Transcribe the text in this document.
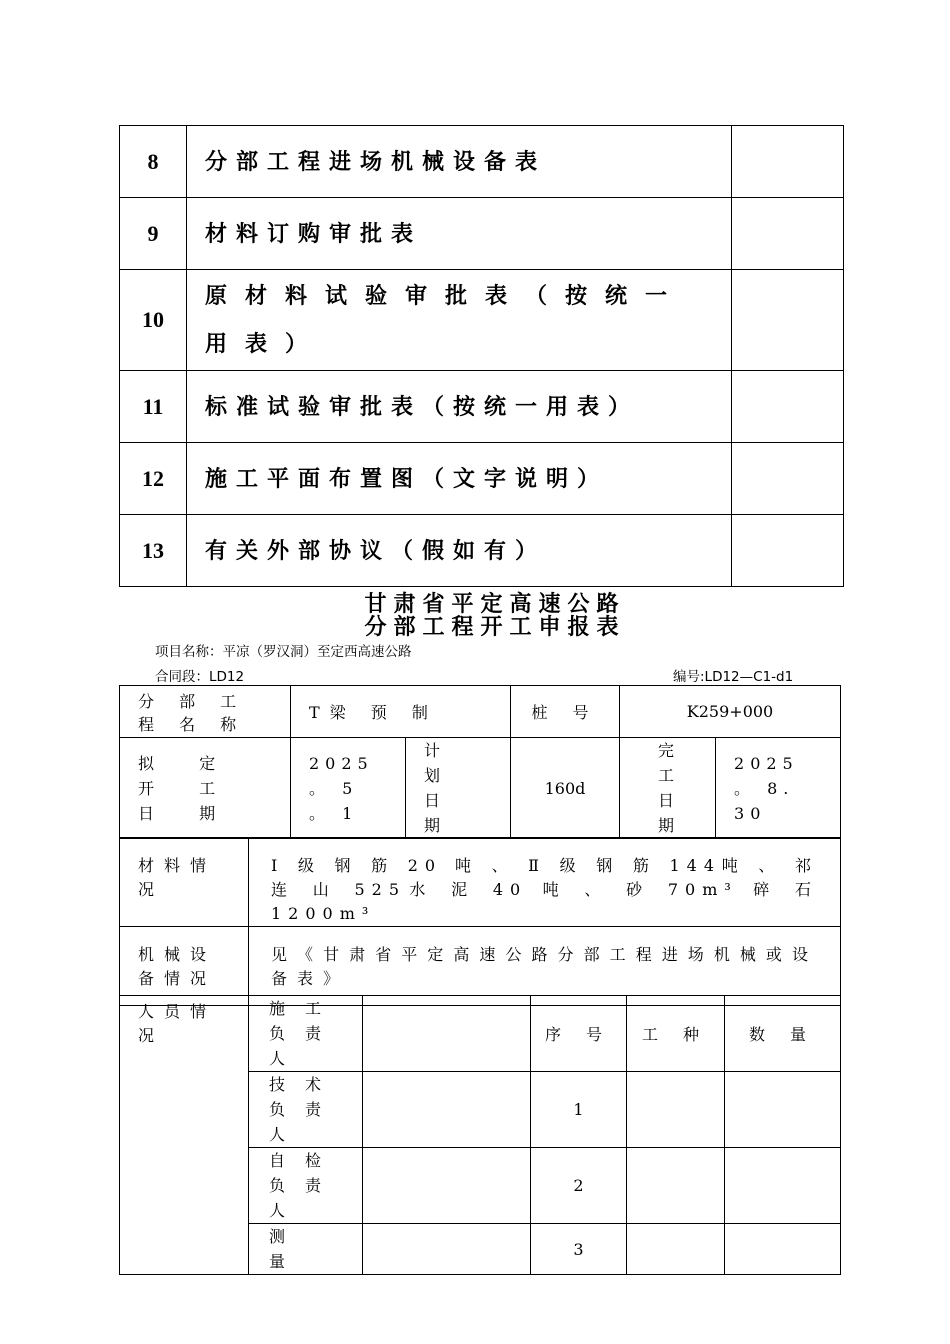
8	分部工程进场机械设备表	
9	材料订购审批表	
10	原材料试验审批表（按统一用表）	
11	标准试验审批表（按统一用表）	
12	施工平面布置图（文字说明）	
13	有关外部协议（假如有）	
甘肃省平定高速公路
分部工程开工申报表
项目名称：平凉（罗汉洞）至定西高速公路
合同段：LD12	编号:LD12—C1-d1
分 部 工 程 名 称	T梁 预 制		桩 号	K259+000	
拟 定 开 工 日 期	2025 。 5 。 1	计 划 日 期	160d	完 工 日 期	2025 。 8. 30
材料情况	Ⅰ 级 钢 筋 20 吨 、 Ⅱ 级 钢 筋 144吨 、 祁 连 山 525水 泥 40 吨 、 砂 70m³ 碎 石 1200m³
机械设备情况	见《甘肃省平定高速公路分部工程进场机械或设备表》
人员情况	施工负责人		序 号	工 种	数 量
	技术负责人		1		
	自检负责人		2		
	测量		3		
